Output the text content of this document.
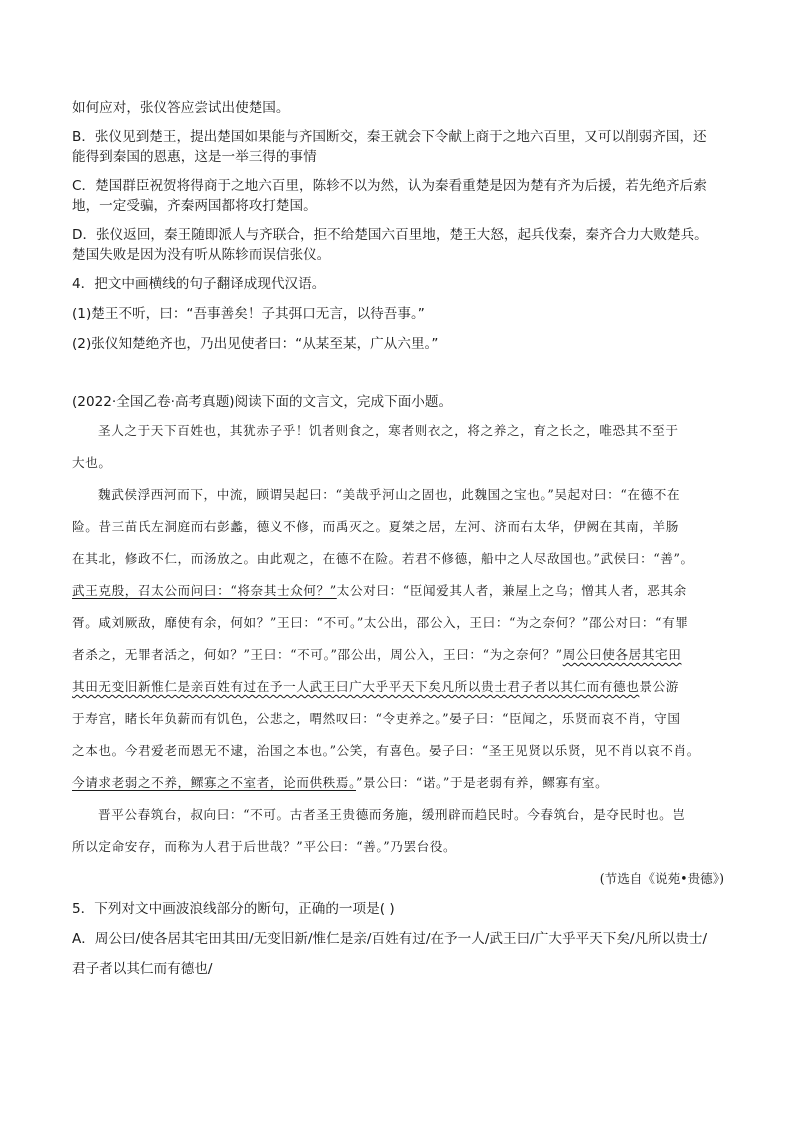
如何应对，张仪答应尝试出使楚国。

B．张仪见到楚王，提出楚国如果能与齐国断交，秦王就会下令献上商于之地六百里，又可以削弱齐国，还

能得到秦国的恩惠，这是一举三得的事情

C．楚国群臣祝贺将得商于之地六百里，陈轸不以为然，认为秦看重楚是因为楚有齐为后援，若先绝齐后索

地，一定受骗，齐秦两国都将攻打楚国。

D．张仪返回，秦王随即派人与齐联合，拒不给楚国六百里地，楚王大怒，起兵伐秦，秦齐合力大败楚兵。

楚国失败是因为没有听从陈轸而误信张仪。

4．把文中画横线的句子翻译成现代汉语。

(1)楚王不听，曰：“吾事善矣！子其弭口无言，以待吾事。”

(2)张仪知楚绝齐也，乃出见使者曰：“从某至某，广从六里。”

(2022·全国乙卷·高考真题)阅读下面的文言文，完成下面小题。

圣人之于天下百姓也，其犹赤子乎！饥者则食之，寒者则衣之，将之养之，育之长之，唯恐其不至于

大也。

魏武侯浮西河而下，中流，顾谓吴起曰：“美哉乎河山之固也，此魏国之宝也。”吴起对曰：“在德不在

险。昔三苗氏左洞庭而右彭蠡，德义不修，而禹灭之。夏桀之居，左河、济而右太华，伊阙在其南，羊肠

在其北，修政不仁，而汤放之。由此观之，在德不在险。若君不修德，船中之人尽敌国也。”武侯曰：“善”。

武王克殷，召太公而问曰：“将奈其士众何？”太公对曰：“臣闻爱其人者，兼屋上之乌；憎其人者，恶其余

胥。咸刘厥敌，靡使有余，何如？”王曰：“不可。”太公出，邵公入，王曰：“为之奈何？”邵公对曰：“有罪

者杀之，无罪者活之，何如？”王曰：“不可。”邵公出，周公入，王曰：“为之奈何？”周公曰使各居其宅田

其田无变旧新惟仁是亲百姓有过在予一人武王曰广大乎平天下矣凡所以贵士君子者以其仁而有德也景公游

于寿宫，睹长年负薪而有饥色，公悲之，喟然叹曰：“令吏养之。”晏子曰：“臣闻之，乐贤而哀不肖，守国

之本也。今君爱老而恩无不逮，治国之本也。”公笑，有喜色。晏子曰：“圣王见贤以乐贤，见不肖以哀不肖。

今请求老弱之不养，鳏寡之不室者，论而供秩焉。”景公曰：“诺。”于是老弱有养，鳏寡有室。

晋平公春筑台，叔向曰：“不可。古者圣王贵德而务施，缓刑辟而趋民时。今春筑台，是夺民时也。岂

所以定命安存，而称为人君于后世哉？”平公曰：“善。”乃罢台役。

(节选自《说苑•贵德》)

5．下列对文中画波浪线部分的断句，正确的一项是( )

A．周公曰/使各居其宅田其田/无变旧新/惟仁是亲/百姓有过/在予一人/武王曰/广大乎平天下矣/凡所以贵士/

君子者以其仁而有德也/
